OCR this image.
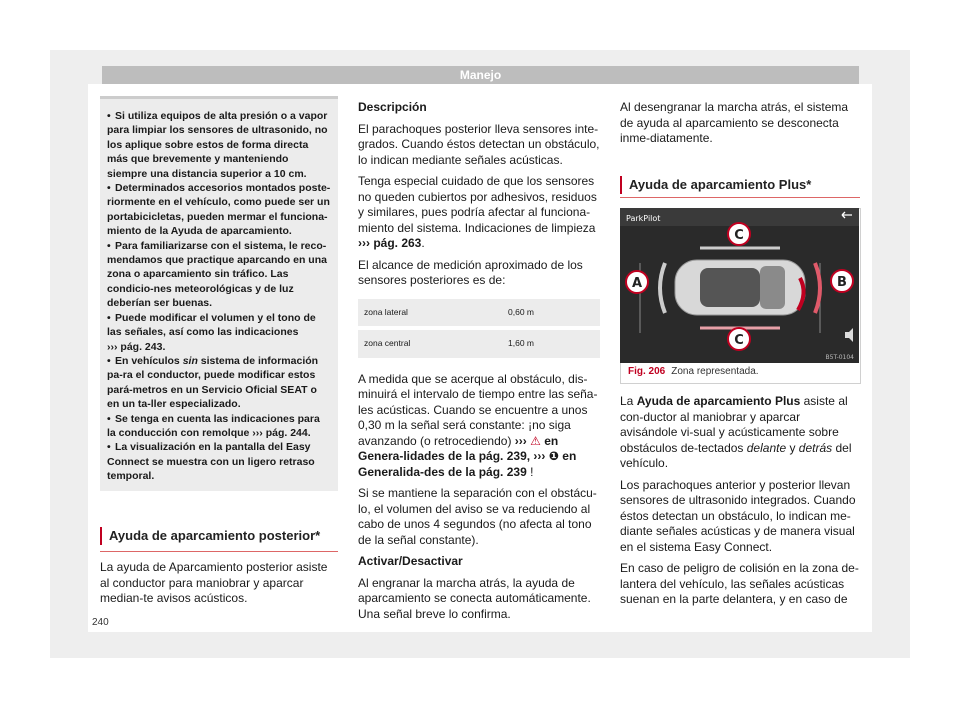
Manejo
240

• Si utiliza equipos de alta presión o a vapor para limpiar los sensores de ultrasonido, no los aplique sobre estos de forma directa más que brevemente y manteniendo siempre una distancia superior a 10 cm.

• Determinados accesorios montados poste-riormente en el vehículo, como puede ser un portabicicletas, pueden mermar el funciona-miento de la Ayuda de aparcamiento.

• Para familiarizarse con el sistema, le reco-mendamos que practique aparcando en una zona o aparcamiento sin tráfico. Las condicio-nes meteorológicas y de luz deberían ser buenas.

• Puede modificar el volumen y el tono de las señales, así como las indicaciones
››› pág. 243.

• En vehículos sin sistema de información pa-ra el conductor, puede modificar estos pará-metros en un Servicio Oficial SEAT o en un ta-ller especializado.

• Se tenga en cuenta las indicaciones para la conducción con remolque ››› pág. 244.

• La visualización en la pantalla del Easy Connect se muestra con un ligero retraso temporal.

Ayuda de aparcamiento posterior*
La ayuda de Aparcamiento posterior asiste al conductor para maniobrar y aparcar median-te avisos acústicos.

Descripción

El parachoques posterior lleva sensores inte-grados. Cuando éstos detectan un obstáculo, lo indican mediante señales acústicas.

Tenga especial cuidado de que los sensores no queden cubiertos por adhesivos, residuos y similares, pues podría afectar al funciona-miento del sistema. Indicaciones de limpieza
››› pág. 263.

El alcance de medición aproximado de los sensores posteriores es de:

zona lateral	0,60 m
zona central	1,60 m

A medida que se acerque al obstáculo, dis-minuirá el intervalo de tiempo entre las seña-les acústicas. Cuando se encuentre a unos 0,30 m la señal será constante: ¡no siga avanzando (o retrocediendo) ››› ⚠ en Genera-lidades de la pág. 239, ››› ❶ en Generalida-des de la pág. 239 !

Si se mantiene la separación con el obstácu-lo, el volumen del aviso se va reduciendo al cabo de unos 4 segundos (no afecta al tono de la señal constante).

Activar/Desactivar

Al engranar la marcha atrás, la ayuda de aparcamiento se conecta automáticamente. Una señal breve lo confirma.

Al desengranar la marcha atrás, el sistema de ayuda al aparcamiento se desconecta inme-diatamente.

Ayuda de aparcamiento Plus*
ParkPilot
C
A	B
C
B5T-0104
Fig. 206 Zona representada.

La Ayuda de aparcamiento Plus asiste al con-ductor al maniobrar y aparcar avisándole vi-sual y acústicamente sobre obstáculos de-tectados delante y detrás del vehículo.

Los parachoques anterior y posterior llevan sensores de ultrasonido integrados. Cuando éstos detectan un obstáculo, lo indican me-diante señales acústicas y de manera visual en el sistema Easy Connect.

En caso de peligro de colisión en la zona de-lantera del vehículo, las señales acústicas suenan en la parte delantera, y en caso de
